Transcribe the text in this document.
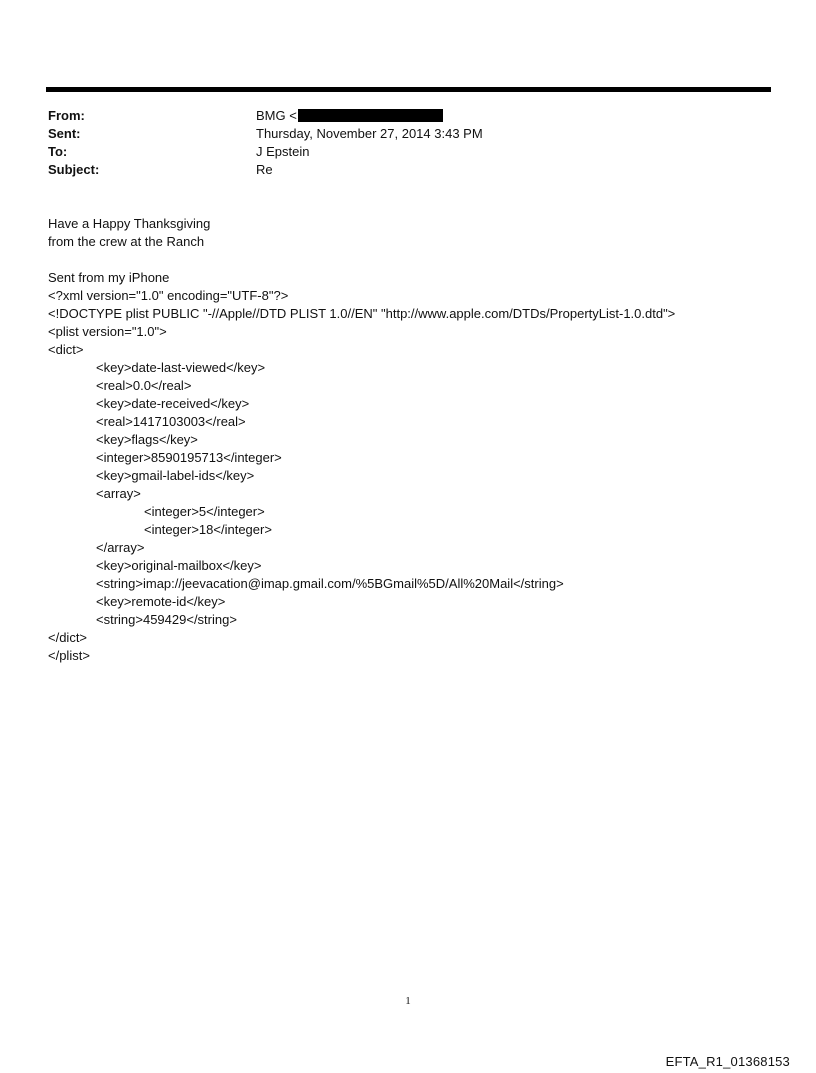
From:	BMG <
Sent:	Thursday, November 27, 2014 3:43 PM
To:	J Epstein
Subject:	Re
Have a Happy Thanksgiving
from the crew at the Ranch
Sent from my iPhone
<?xml version="1.0" encoding="UTF-8"?>
<!DOCTYPE plist PUBLIC "-//Apple//DTD PLIST 1.0//EN" "http://www.apple.com/DTDs/PropertyList-1.0.dtd">
<plist version="1.0">
<dict>
<key>date-last-viewed</key>
<real>0.0</real>
<key>date-received</key>
<real>1417103003</real>
<key>flags</key>
<integer>8590195713</integer>
<key>gmail-label-ids</key>
<array>
<integer>5</integer>
<integer>18</integer>
</array>
<key>original-mailbox</key>
<string>imap://jeevacation@imap.gmail.com/%5BGmail%5D/All%20Mail</string>
<key>remote-id</key>
<string>459429</string>
</dict>
</plist>
1
EFTA_R1_01368153
